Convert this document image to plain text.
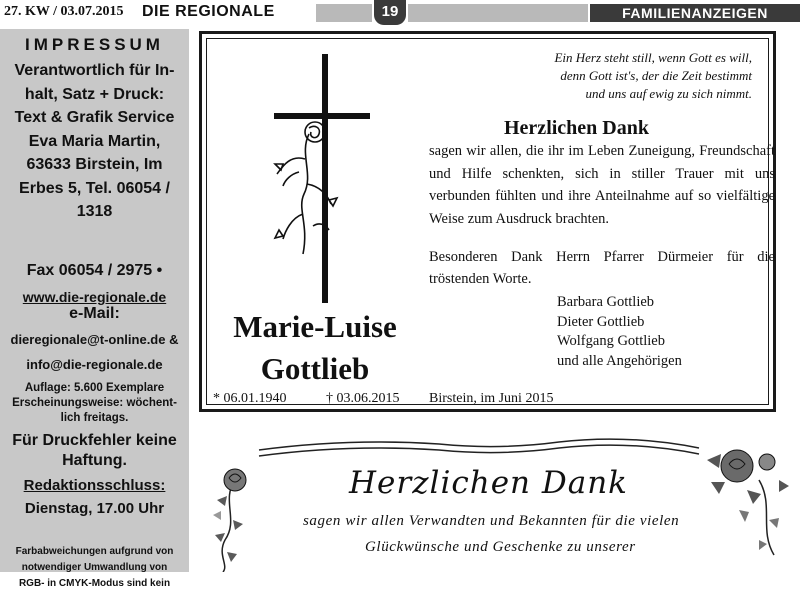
27. KW / 03.07.2015 DIE REGIONALE	19	FAMILIENANZEIGEN
IMPRESSUM
Verantwortlich für In-
halt, Satz + Druck:
Text & Grafik Service
Eva Maria Martin,
63633 Birstein, Im
Erbes 5, Tel. 06054 /
1318
Fax 06054 / 2975 •
www.die-regionale.de
e-Mail:
dieregionale@t-online.de &
info@die-regionale.de
Auflage: 5.600 Exemplare
Erscheinungsweise: wöchent-
lich freitags.
Für Druckfehler keine
Haftung.
Redaktionsschluss:
Dienstag, 17.00 Uhr
Farbabweichungen aufgrund von
notwendiger Umwandlung von
RGB- in CMYK-Modus sind kein
Ein Herz steht still, wenn Gott es will,
denn Gott ist's, der die Zeit bestimmt
und uns auf ewig zu sich nimmt.
Herzlichen Dank
sagen wir allen, die ihr im Leben Zuneigung, Freundschaft und Hilfe schenkten, sich in stiller Trauer mit uns verbunden fühlten und ihre Anteilnahme auf so vielfältige Weise zum Ausdruck brachten.
Besonderen Dank Herrn Pfarrer Dürmeier für die tröstenden Worte.
Barbara Gottlieb
Dieter Gottlieb
Wolfgang Gottlieb
und alle Angehörigen
Marie-Luise
Gottlieb
* 06.01.1940	† 03.06.2015 Birstein, im Juni 2015
Herzlichen Dank
sagen wir allen Verwandten und Bekannten für die vielen
Glückwünsche und Geschenke zu unserer
